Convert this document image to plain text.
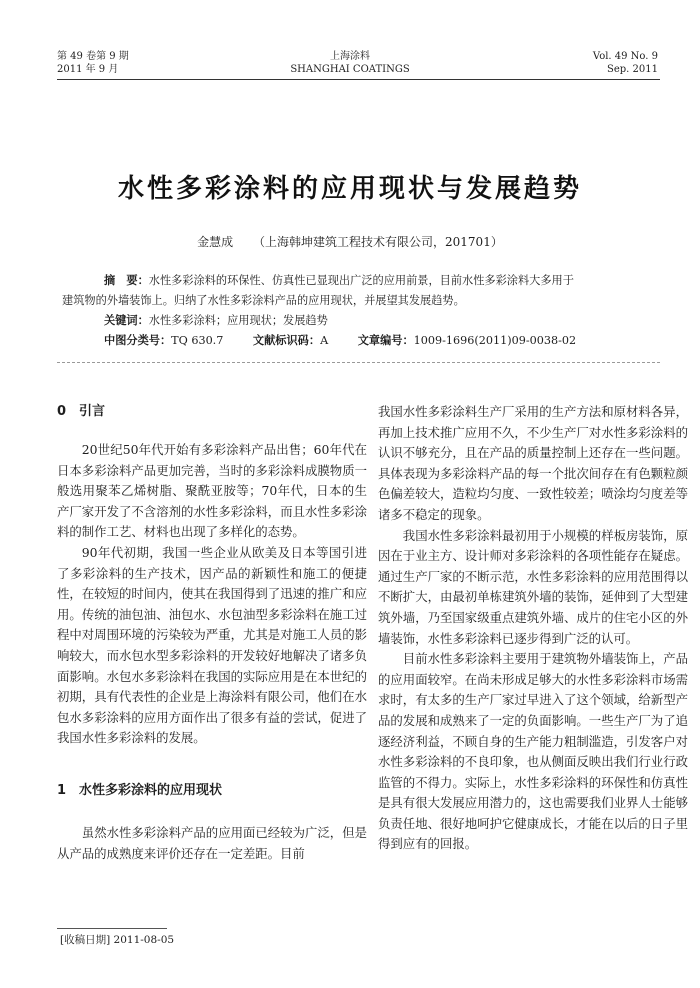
第 49 卷第 9 期
2011 年 9 月
上海涂料
SHANGHAI COATINGS
Vol. 49 No. 9
Sep. 2011
水性多彩涂料的应用现状与发展趋势
金慧成 （上海韩坤建筑工程技术有限公司，201701）
摘　要：水性多彩涂料的环保性、仿真性已显现出广泛的应用前景，目前水性多彩涂料大多用于
建筑物的外墙装饰上。归纳了水性多彩涂料产品的应用现状，并展望其发展趋势。
关键词：水性多彩涂料；应用现状；发展趋势
中图分类号：TQ 630.7	文献标识码：A	文章编号：1009-1696(2011)09-0038-02
0 引言

20世纪50年代开始有多彩涂料产品出售；60年代在日本多彩涂料产品更加完善，当时的多彩涂料成膜物质一般选用聚苯乙烯树脂、聚酰亚胺等；70年代，日本的生产厂家开发了不含溶剂的水性多彩涂料，而且水性多彩涂料的制作工艺、材料也出现了多样化的态势。

90年代初期，我国一些企业从欧美及日本等国引进了多彩涂料的生产技术，因产品的新颖性和施工的便捷性，在较短的时间内，使其在我国得到了迅速的推广和应用。传统的油包油、油包水、水包油型多彩涂料在施工过程中对周围环境的污染较为严重，尤其是对施工人员的影响较大，而水包水型多彩涂料的开发较好地解决了诸多负面影响。水包水多彩涂料在我国的实际应用是在本世纪的初期，具有代表性的企业是上海涂料有限公司，他们在水包水多彩涂料的应用方面作出了很多有益的尝试，促进了我国水性多彩涂料的发展。

1 水性多彩涂料的应用现状

虽然水性多彩涂料产品的应用面已经较为广泛，但是从产品的成熟度来评价还存在一定差距。目前

我国水性多彩涂料生产厂采用的生产方法和原材料各异，再加上技术推广应用不久，不少生产厂对水性多彩涂料的认识不够充分，且在产品的质量控制上还存在一些问题。具体表现为多彩涂料产品的每一个批次间存在有色颗粒颜色偏差较大，造粒均匀度、一致性较差；喷涂均匀度差等诸多不稳定的现象。

我国水性多彩涂料最初用于小规模的样板房装饰，原因在于业主方、设计师对多彩涂料的各项性能存在疑虑。通过生产厂家的不断示范，水性多彩涂料的应用范围得以不断扩大，由最初单栋建筑外墙的装饰，延伸到了大型建筑外墙，乃至国家级重点建筑外墙、成片的住宅小区的外墙装饰，水性多彩涂料已逐步得到广泛的认可。

目前水性多彩涂料主要用于建筑物外墙装饰上，产品的应用面较窄。在尚未形成足够大的水性多彩涂料市场需求时，有太多的生产厂家过早进入了这个领域，给新型产品的发展和成熟来了一定的负面影响。一些生产厂为了追逐经济利益，不顾自身的生产能力粗制滥造，引发客户对水性多彩涂料的不良印象，也从侧面反映出我们行业行政监管的不得力。实际上，水性多彩涂料的环保性和仿真性是具有很大发展应用潜力的，这也需要我们业界人士能够负责任地、很好地呵护它健康成长，才能在以后的日子里得到应有的回报。

[收稿日期] 2011-08-05
